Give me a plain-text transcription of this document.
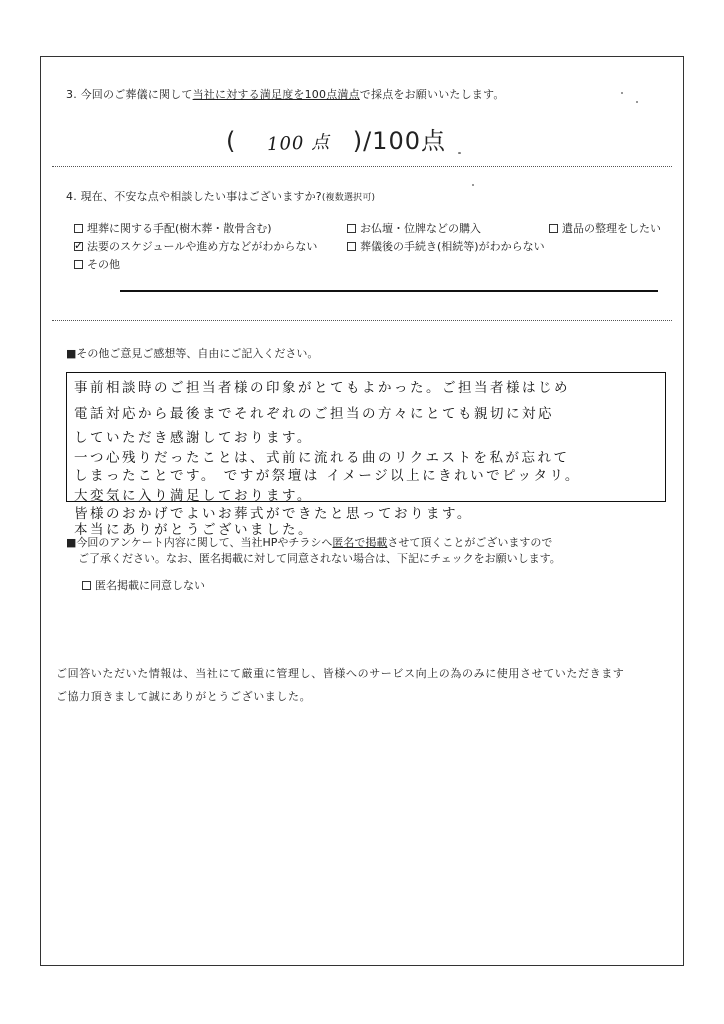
3. 今回のご葬儀に関して当社に対する満足度を100点満点で採点をお願いいたします。
( 100 点 )/100点
4. 現在、不安な点や相談したい事はございますか?(複数選択可)
埋葬に関する手配(樹木葬・散骨含む)	お仏壇・位牌などの購入	遺品の整理をしたい
✓
法要のスケジュールや進め方などがわからない	葬儀後の手続き(相続等)がわからない
その他
■その他ご意見ご感想等、自由にご記入ください。
事前相談時のご担当者様の印象がとてもよかった。ご担当者様はじめ
電話対応から最後までそれぞれのご担当の方々にとても親切に対応
していただき感謝しております。
一つ心残りだったことは、式前に流れる曲のリクエストを私が忘れて
しまったことです。 ですが祭壇は イメージ以上にきれいでピッタリ。
大変気に入り満足しております。
皆様のおかげでよいお葬式ができたと思っております。
本当にありがとうございました。
■今回のアンケート内容に関して、当社HPやチラシへ匿名で掲載させて頂くことがございますので
ご了承ください。なお、匿名掲載に対して同意されない場合は、下記にチェックをお願いします。
匿名掲載に同意しない
ご回答いただいた情報は、当社にて厳重に管理し、皆様へのサービス向上の為のみに使用させていただきます
ご協力頂きまして誠にありがとうございました。
